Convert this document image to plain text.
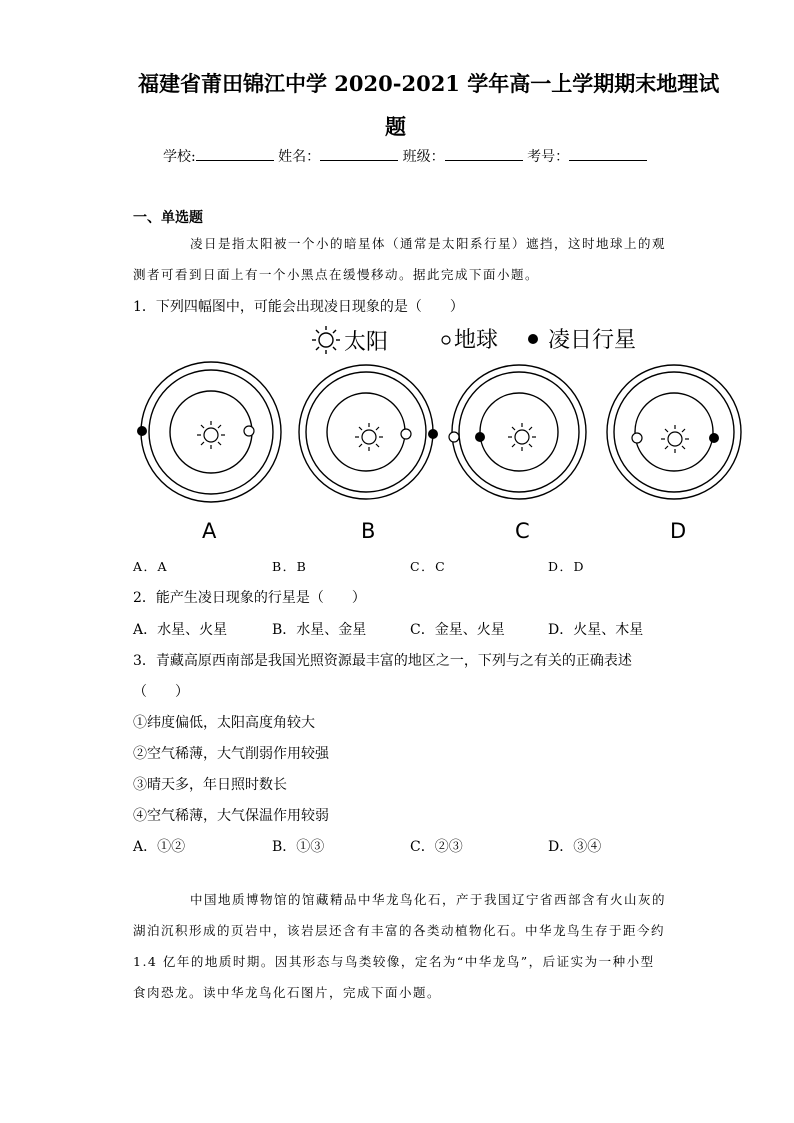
福建省莆田锦江中学 2020-2021 学年高一上学期期末地理试
题
学校:	姓名：	班级：	考号：
一、单选题
凌日是指太阳被一个小的暗星体（通常是太阳系行星）遮挡，这时地球上的观
测者可看到日面上有一个小黑点在缓慢移动。据此完成下面小题。
1．下列四幅图中，可能会出现凌日现象的是（　　）
太阳	地球 凌日行星
A	B	C	D
A．A	B．B	C．C	D．D
2．能产生凌日现象的行星是（　　）
A．水星、火星	B．水星、金星	C．金星、火星	D．火星、木星
3．青藏高原西南部是我国光照资源最丰富的地区之一，下列与之有关的正确表述
（　　）
①纬度偏低，太阳高度角较大
②空气稀薄，大气削弱作用较强
③晴天多，年日照时数长
④空气稀薄，大气保温作用较弱
A．①②	B．①③	C．②③	D．③④
中国地质博物馆的馆藏精品中华龙鸟化石，产于我国辽宁省西部含有火山灰的
湖泊沉积形成的页岩中，该岩层还含有丰富的各类动植物化石。中华龙鸟生存于距今约
1.4 亿年的地质时期。因其形态与鸟类较像，定名为“中华龙鸟”，后证实为一种小型
食肉恐龙。读中华龙鸟化石图片，完成下面小题。
